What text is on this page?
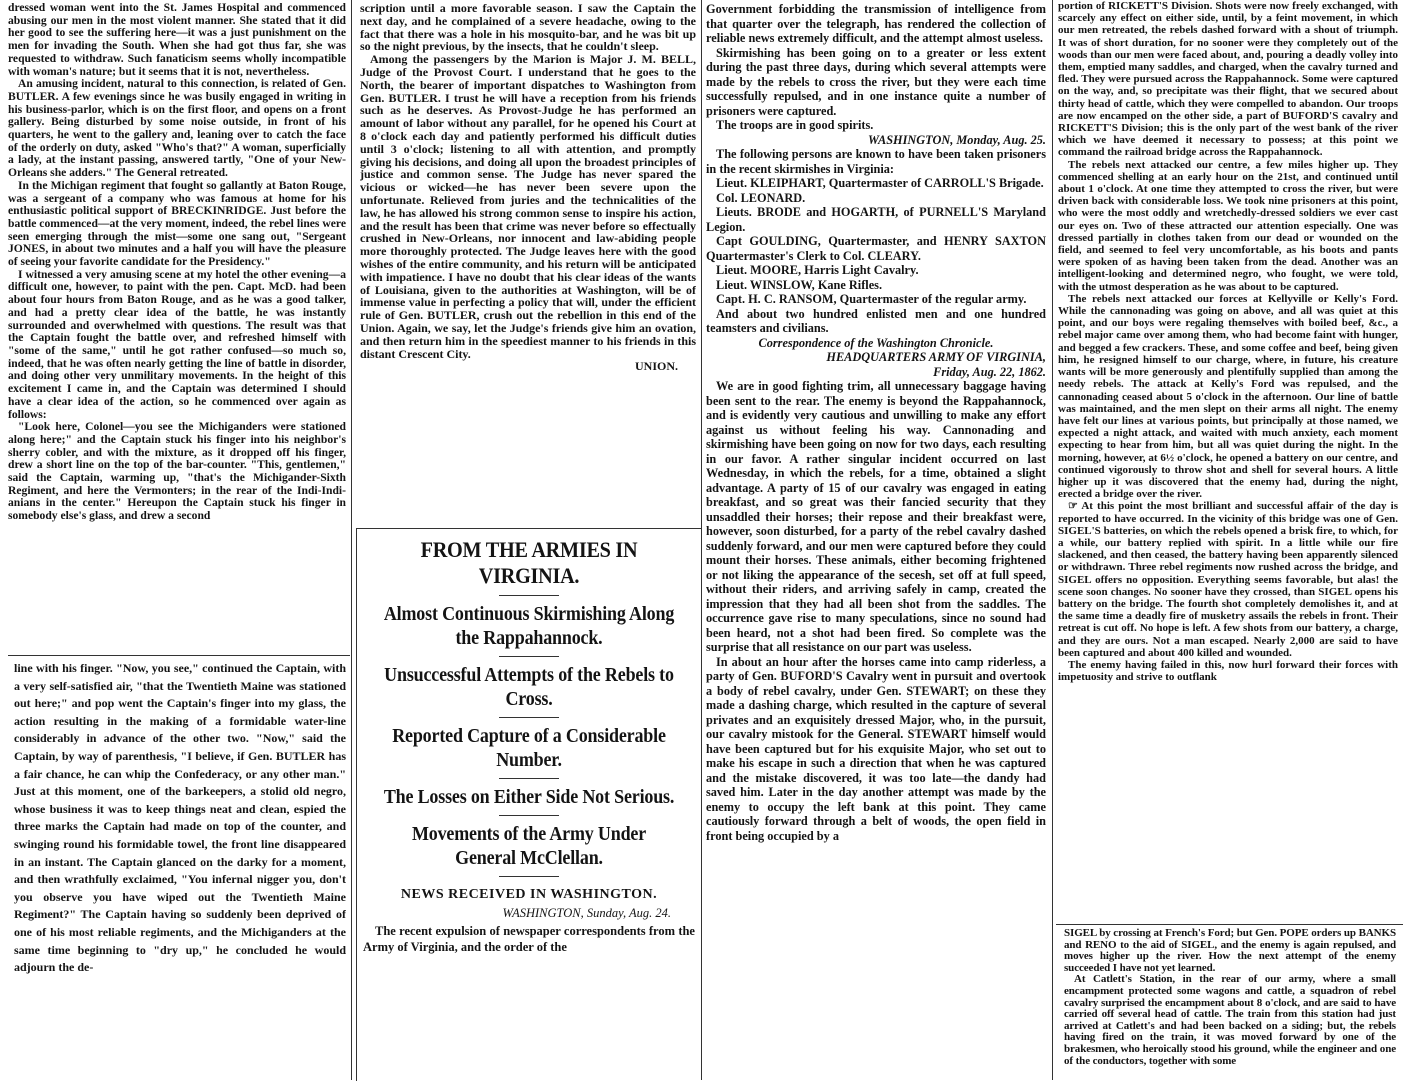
dressed woman went into the St. James Hospital and commenced abusing our men in the most violent manner. She stated that it did her good to see the suffering here—it was a just punishment on the men for invading the South. When she had got thus far, she was requested to withdraw. Such fanaticism seems wholly incompatible with woman's nature; but it seems that it is not, nevertheless.

An amusing incident, natural to this connection, is related of Gen. BUTLER. A few evenings since he was busily engaged in writing in his business-parlor, which is on the first floor, and opens on a front gallery. Being disturbed by some noise outside, in front of his quarters, he went to the gallery and, leaning over to catch the face of the orderly on duty, asked "Who's that?" A woman, superficially a lady, at the instant passing, answered tartly, "One of your New-Orleans she adders." The General retreated.

In the Michigan regiment that fought so gallantly at Baton Rouge, was a sergeant of a company who was famous at home for his enthusiastic political support of BRECKINRIDGE. Just before the battle commenced—at the very moment, indeed, the rebel lines were seen emerging through the mist—some one sang out, "Sergeant JONES, in about two minutes and a half you will have the pleasure of seeing your favorite candidate for the Presidency."

I witnessed a very amusing scene at my hotel the other evening—a difficult one, however, to paint with the pen. Capt. McD. had been about four hours from Baton Rouge, and as he was a good talker, and had a pretty clear idea of the battle, he was instantly surrounded and overwhelmed with questions. The result was that the Captain fought the battle over, and refreshed himself with "some of the same," until he got rather confused—so much so, indeed, that he was often nearly getting the line of battle in disorder, and doing other very unmilitary movements. In the height of this excitement I came in, and the Captain was determined I should have a clear idea of the action, so he commenced over again as follows:

"Look here, Colonel—you see the Michiganders were stationed along here;" and the Captain stuck his finger into his neighbor's sherry cobler, and with the mixture, as it dropped off his finger, drew a short line on the top of the bar-counter. "This, gentlemen," said the Captain, warming up, "that's the Michigander-Sixth Regiment, and here the Vermonters; in the rear of the Indi-Indi-anians in the center." Hereupon the Captain stuck his finger in somebody else's glass, and drew a second

line with his finger. "Now, you see," continued the Captain, with a very self-satisfied air, "that the Twentieth Maine was stationed out here;" and pop went the Captain's finger into my glass, the action resulting in the making of a formidable water-line considerably in advance of the other two. "Now," said the Captain, by way of parenthesis, "I believe, if Gen. BUTLER has a fair chance, he can whip the Confederacy, or any other man." Just at this moment, one of the barkeepers, a stolid old negro, whose business it was to keep things neat and clean, espied the three marks the Captain had made on top of the counter, and swinging round his formidable towel, the front line disappeared in an instant. The Captain glanced on the darky for a moment, and then wrathfully exclaimed, "You infernal nigger you, don't you observe you have wiped out the Twentieth Maine Regiment?" The Captain having so suddenly been deprived of one of his most reliable regiments, and the Michiganders at the same time beginning to "dry up," he concluded he would adjourn the de-

scription until a more favorable season. I saw the Captain the next day, and he complained of a severe headache, owing to the fact that there was a hole in his mosquito-bar, and he was bit up so the night previous, by the insects, that he couldn't sleep.

Among the passengers by the Marion is Major J. M. BELL, Judge of the Provost Court. I understand that he goes to the North, the bearer of important dispatches to Washington from Gen. BUTLER. I trust he will have a reception from his friends such as he deserves. As Provost-Judge he has performed an amount of labor without any parallel, for he opened his Court at 8 o'clock each day and patiently performed his difficult duties until 3 o'clock; listening to all with attention, and promptly giving his decisions, and doing all upon the broadest principles of justice and common sense. The Judge has never spared the vicious or wicked—he has never been severe upon the unfortunate. Relieved from juries and the technicalities of the law, he has allowed his strong common sense to inspire his action, and the result has been that crime was never before so effectually crushed in New-Orleans, nor innocent and law-abiding people more thoroughly protected. The Judge leaves here with the good wishes of the entire community, and his return will be anticipated with impatience. I have no doubt that his clear ideas of the wants of Louisiana, given to the authorities at Washington, will be of immense value in perfecting a policy that will, under the efficient rule of Gen. BUTLER, crush out the rebellion in this end of the Union. Again, we say, let the Judge's friends give him an ovation, and then return him in the speediest manner to his friends in this distant Crescent City.

UNION.

FROM THE ARMIES IN VIRGINIA.
Almost Continuous Skirmishing Along the Rappahannock.
Unsuccessful Attempts of the Rebels to Cross.
Reported Capture of a Considerable Number.
The Losses on Either Side Not Serious.
Movements of the Army Under General McClellan.
NEWS RECEIVED IN WASHINGTON.
WASHINGTON, Sunday, Aug. 24.
The recent expulsion of newspaper correspondents from the Army of Virginia, and the order of the

Government forbidding the transmission of intelligence from that quarter over the telegraph, has rendered the collection of reliable news extremely difficult, and the attempt almost useless.

Skirmishing has been going on to a greater or less extent during the past three days, during which several attempts were made by the rebels to cross the river, but they were each time successfully repulsed, and in one instance quite a number of prisoners were captured.

The troops are in good spirits.

WASHINGTON, Monday, Aug. 25.

The following persons are known to have been taken prisoners in the recent skirmishes in Virginia:

Lieut. KLEIPHART, Quartermaster of CARROLL'S Brigade.

Col. LEONARD.

Lieuts. BRODE and HOGARTH, of PURNELL'S Maryland Legion.

Capt GOULDING, Quartermaster, and HENRY SAXTON Quartermaster's Clerk to Col. CLEARY.

Lieut. MOORE, Harris Light Cavalry.

Lieut. WINSLOW, Kane Rifles.

Capt. H. C. RANSOM, Quartermaster of the regular army.

And about two hundred enlisted men and one hundred teamsters and civilians.

Correspondence of the Washington Chronicle.

HEADQUARTERS ARMY OF VIRGINIA,

Friday, Aug. 22, 1862.

We are in good fighting trim, all unnecessary baggage having been sent to the rear. The enemy is beyond the Rappahannock, and is evidently very cautious and unwilling to make any effort against us without feeling his way. Cannonading and skirmishing have been going on now for two days, each resulting in our favor. A rather singular incident occurred on last Wednesday, in which the rebels, for a time, obtained a slight advantage. A party of 15 of our cavalry was engaged in eating breakfast, and so great was their fancied security that they unsaddled their horses; their repose and their breakfast were, however, soon disturbed, for a party of the rebel cavalry dashed suddenly forward, and our men were captured before they could mount their horses. These animals, either becoming frightened or not liking the appearance of the secesh, set off at full speed, without their riders, and arriving safely in camp, created the impression that they had all been shot from the saddles. The occurrence gave rise to many speculations, since no sound had been heard, not a shot had been fired. So complete was the surprise that all resistance on our part was useless.

In about an hour after the horses came into camp riderless, a party of Gen. BUFORD'S Cavalry went in pursuit and overtook a body of rebel cavalry, under Gen. STEWART; on these they made a dashing charge, which resulted in the capture of several privates and an exquisitely dressed Major, who, in the pursuit, our cavalry mistook for the General. STEWART himself would have been captured but for his exquisite Major, who set out to make his escape in such a direction that when he was captured and the mistake discovered, it was too late—the dandy had saved him. Later in the day another attempt was made by the enemy to occupy the left bank at this point. They came cautiously forward through a belt of woods, the open field in front being occupied by a

portion of RICKETT'S Division. Shots were now freely exchanged, with scarcely any effect on either side, until, by a feint movement, in which our men retreated, the rebels dashed forward with a shout of triumph. It was of short duration, for no sooner were they completely out of the woods than our men were faced about, and, pouring a deadly volley into them, emptied many saddles, and charged, when the cavalry turned and fled. They were pursued across the Rappahannock. Some were captured on the way, and, so precipitate was their flight, that we secured about thirty head of cattle, which they were compelled to abandon. Our troops are now encamped on the other side, a part of BUFORD'S cavalry and RICKETT'S Division; this is the only part of the west bank of the river which we have deemed it necessary to possess; at this point we command the railroad bridge across the Rappahannock.

The rebels next attacked our centre, a few miles higher up. They commenced shelling at an early hour on the 21st, and continued until about 1 o'clock. At one time they attempted to cross the river, but were driven back with considerable loss. We took nine prisoners at this point, who were the most oddly and wretchedly-dressed soldiers we ever cast our eyes on. Two of these attracted our attention especially. One was dressed partially in clothes taken from our dead or wounded on the field, and seemed to feel very uncomfortable, as his boots and pants were spoken of as having been taken from the dead. Another was an intelligent-looking and determined negro, who fought, we were told, with the utmost desperation as he was about to be captured.

The rebels next attacked our forces at Kellyville or Kelly's Ford. While the cannonading was going on above, and all was quiet at this point, and our boys were regaling themselves with boiled beef, &c., a rebel major came over among them, who had become faint with hunger, and begged a few crackers. These, and some coffee and beef, being given him, he resigned himself to our charge, where, in future, his creature wants will be more generously and plentifully supplied than among the needy rebels. The attack at Kelly's Ford was repulsed, and the cannonading ceased about 5 o'clock in the afternoon. Our line of battle was maintained, and the men slept on their arms all night. The enemy have felt our lines at various points, but principally at those named, we expected a night attack, and waited with much anxiety, each moment expecting to hear from him, but all was quiet during the night. In the morning, however, at 6½ o'clock, he opened a battery on our centre, and continued vigorously to throw shot and shell for several hours. A little higher up it was discovered that the enemy had, during the night, erected a bridge over the river.

☞ At this point the most brilliant and successful affair of the day is reported to have occurred. In the vicinity of this bridge was one of Gen. SIGEL'S batteries, on which the rebels opened a brisk fire, to which, for a while, our battery replied with spirit. In a little while our fire slackened, and then ceased, the battery having been apparently silenced or withdrawn. Three rebel regiments now rushed across the bridge, and SIGEL offers no opposition. Everything seems favorable, but alas! the scene soon changes. No sooner have they crossed, than SIGEL opens his battery on the bridge. The fourth shot completely demolishes it, and at the same time a deadly fire of musketry assails the rebels in front. Their retreat is cut off. No hope is left. A few shots from our battery, a charge, and they are ours. Not a man escaped. Nearly 2,000 are said to have been captured and about 400 killed and wounded.

The enemy having failed in this, now hurl forward their forces with impetuosity and strive to outflank

SIGEL by crossing at French's Ford; but Gen. POPE orders up BANKS and RENO to the aid of SIGEL, and the enemy is again repulsed, and moves higher up the river. How the next attempt of the enemy succeeded I have not yet learned.

At Catlett's Station, in the rear of our army, where a small encampment protected some wagons and cattle, a squadron of rebel cavalry surprised the encampment about 8 o'clock, and are said to have carried off several head of cattle. The train from this station had just arrived at Catlett's and had been backed on a siding; but, the rebels having fired on the train, it was moved forward by one of the brakesmen, who heroically stood his ground, while the engineer and one of the conductors, together with some
